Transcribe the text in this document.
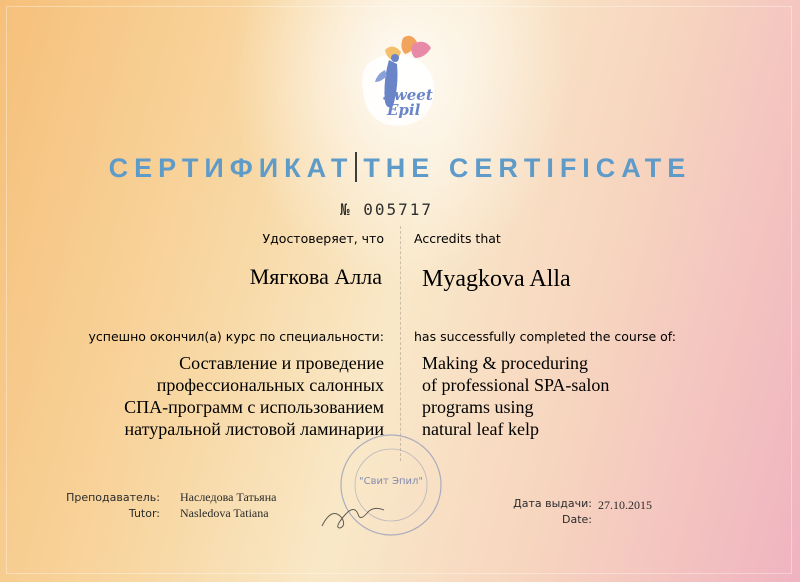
Sweet
Epil
СЕРТИФИКАТ THE CERTIFICATE
№ 005717
Удостоверяет, что Accredits that
Мягкова Алла Myagkova Alla
успешно окончил(а) курс по специальности: has successfully completed the course of:
Составление и проведение
профессиональных салонных
СПА-программ с использованием
натуральной листовой ламинарии
Making & proceduring
of professional SPA-salon
programs using
natural leaf kelp
"Свит Эпил"
Преподаватель:
Tutor:
Наследова Татьяна
Nasledova Tatiana
Дата выдачи:
Date:
27.10.2015
